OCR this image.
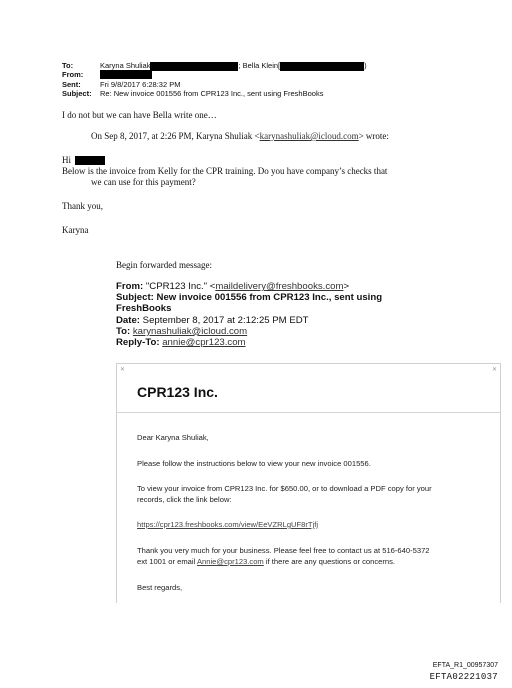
To:	Karyna Shuliak	; Bella Klein[	)
From:
Sent:	Fri 9/8/2017 6:28:32 PM
Subject:	Re: New invoice 001556 from CPR123 Inc., sent using FreshBooks
I do not but we can have Bella write one…
On Sep 8, 2017, at 2:26 PM, Karyna Shuliak <karynashuliak@icloud.com> wrote:
Hi
Below is the invoice from Kelly for the CPR training. Do you have company’s checks that
we can use for this payment?
Thank you,
Karyna
Begin forwarded message:
From: "CPR123 Inc." <maildelivery@freshbooks.com>
Subject: New invoice 001556 from CPR123 Inc., sent using
FreshBooks
Date: September 8, 2017 at 2:12:25 PM EDT
To: karynashuliak@icloud.com
Reply-To: annie@cpr123.com
✕	✕
CPR123 Inc.
Dear Karyna Shuliak,
Please follow the instructions below to view your new invoice 001556.
To view your invoice from CPR123 Inc. for $650.00, or to download a PDF copy for your
records, click the link below:
https://cpr123.freshbooks.com/view/EeVZRLgUF8rTjfj
Thank you very much for your business. Please feel free to contact us at 516-640-5372
ext 1001 or email Annie@cpr123.com if there are any questions or concerns.
Best regards,
EFTA_R1_00957307
EFTA02221037
